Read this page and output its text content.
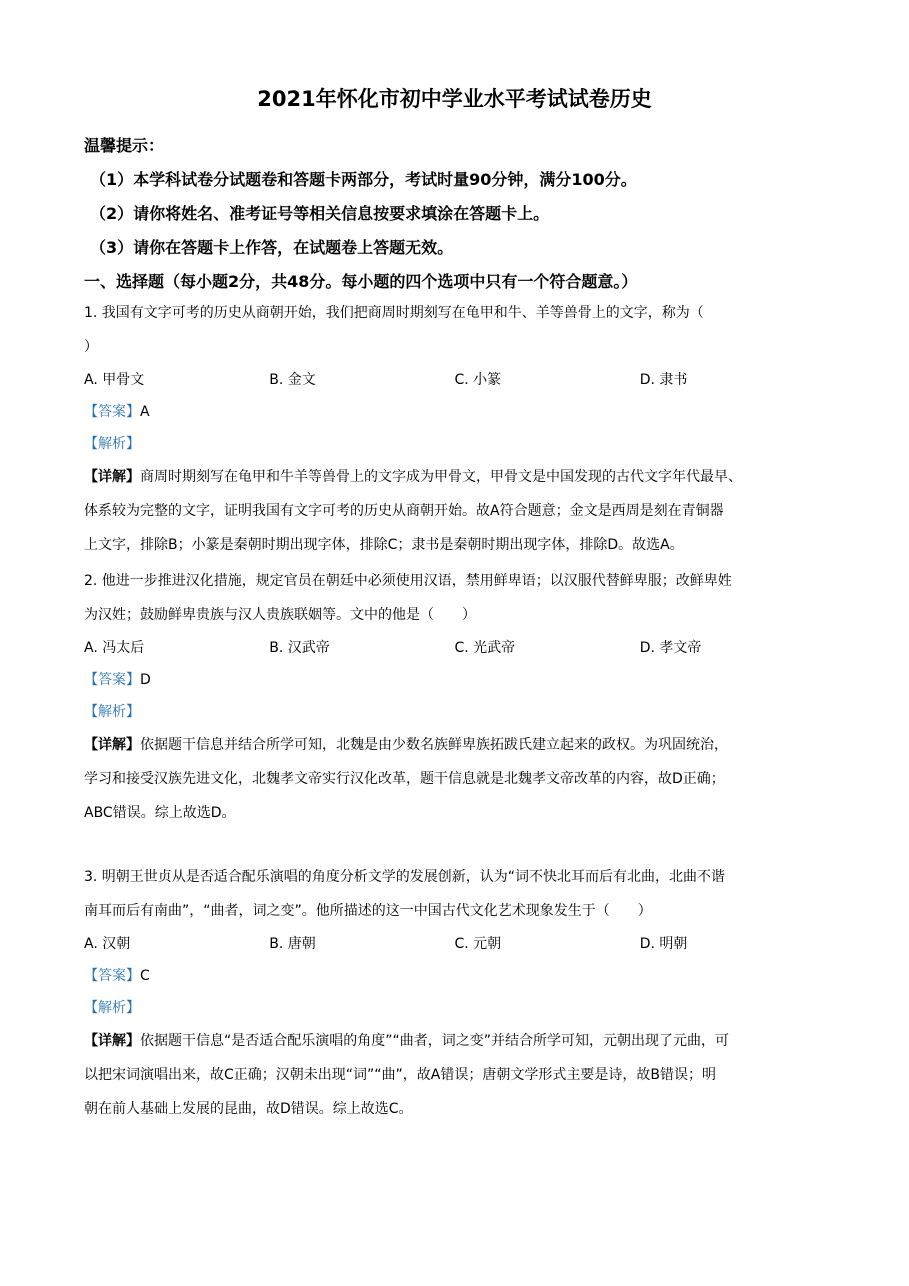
2021年怀化市初中学业水平考试试卷历史
温馨提示：
（1）本学科试卷分试题卷和答题卡两部分，考试时量90分钟，满分100分。
（2）请你将姓名、准考证号等相关信息按要求填涂在答题卡上。
（3）请你在答题卡上作答，在试题卷上答题无效。
一、选择题（每小题2分，共48分。每小题的四个选项中只有一个符合题意。）

1. 我国有文字可考的历史从商朝开始，我们把商周时期刻写在龟甲和牛、羊等兽骨上的文字，称为（

）

A. 甲骨文	B. 金文	C. 小篆	D. 隶书
【答案】A
【解析】

【详解】商周时期刻写在龟甲和牛羊等兽骨上的文字成为甲骨文，甲骨文是中国发现的古代文字年代最早、

体系较为完整的文字，证明我国有文字可考的历史从商朝开始。故A符合题意；金文是西周是刻在青铜器

上文字，排除B；小篆是秦朝时期出现字体，排除C；隶书是秦朝时期出现字体，排除D。故选A。

2. 他进一步推进汉化措施，规定官员在朝廷中必须使用汉语，禁用鲜卑语；以汉服代替鲜卑服；改鲜卑姓

为汉姓；鼓励鲜卑贵族与汉人贵族联姻等。文中的他是（　　）

A. 冯太后	B. 汉武帝	C. 光武帝	D. 孝文帝
【答案】D
【解析】

【详解】依据题干信息并结合所学可知，北魏是由少数名族鲜卑族拓跋氏建立起来的政权。为巩固统治，

学习和接受汉族先进文化，北魏孝文帝实行汉化改革，题干信息就是北魏孝文帝改革的内容，故D正确；

ABC错误。综上故选D。

3. 明朝王世贞从是否适合配乐演唱的角度分析文学的发展创新，认为“词不快北耳而后有北曲，北曲不谐

南耳而后有南曲”，“曲者，词之变”。他所描述的这一中国古代文化艺术现象发生于（　　）

A. 汉朝	B. 唐朝	C. 元朝	D. 明朝
【答案】C
【解析】

【详解】依据题干信息“是否适合配乐演唱的角度”“曲者，词之变”并结合所学可知，元朝出现了元曲，可

以把宋词演唱出来，故C正确；汉朝未出现“词”“曲”，故A错误；唐朝文学形式主要是诗，故B错误；明

朝在前人基础上发展的昆曲，故D错误。综上故选C。
